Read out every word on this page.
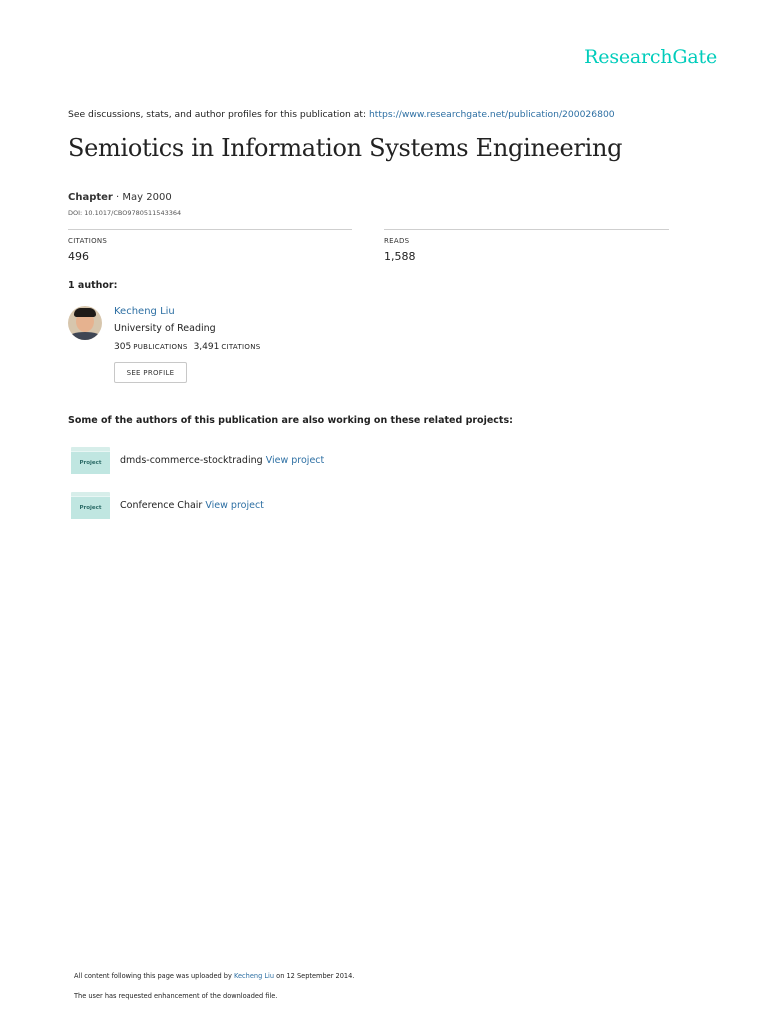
ResearchGate
See discussions, stats, and author profiles for this publication at: https://www.researchgate.net/publication/200026800
Semiotics in Information Systems Engineering
Chapter · May 2000
DOI: 10.1017/CBO9780511543364
CITATIONS
496
READS
1,588
1 author:
Kecheng Liu
University of Reading
305 PUBLICATIONS 3,491 CITATIONS
SEE PROFILE
Some of the authors of this publication are also working on these related projects:
Project	dmds-commerce-stocktrading View project
Project	Conference Chair View project
All content following this page was uploaded by Kecheng Liu on 12 September 2014.
The user has requested enhancement of the downloaded file.
